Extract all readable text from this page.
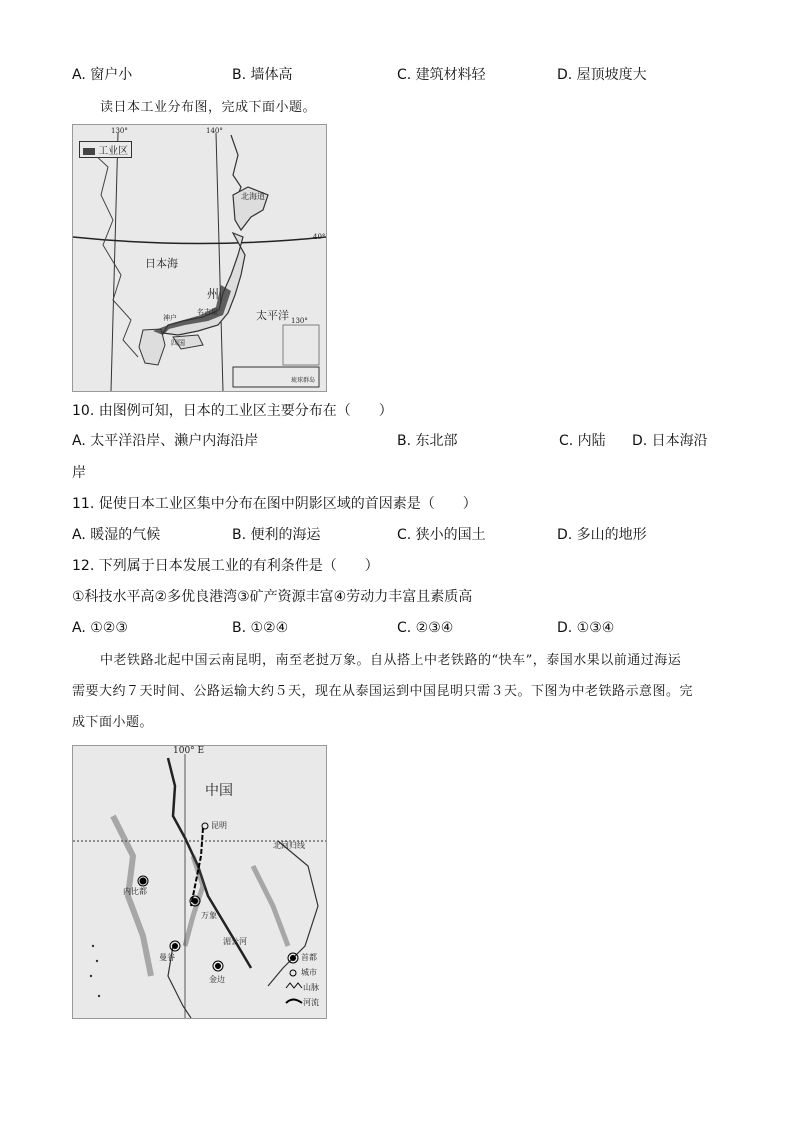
A. 窗户小	B. 墙体高	C. 建筑材料轻	D. 屋顶坡度大
读日本工业分布图，完成下面小题。
工业区
130°	140°
40°
北海道
日本海
太平洋
州
名古屋
神户
四国
130°
琉球群岛
10. 由图例可知，日本的工业区主要分布在（　　）
A. 太平洋沿岸、濑户内海沿岸	B. 东北部	C. 内陆 D. 日本海沿
岸
11. 促使日本工业区集中分布在图中阴影区域的首因素是（　　）
A. 暖湿的气候	B. 便利的海运	C. 狭小的国土	D. 多山的地形
12. 下列属于日本发展工业的有利条件是（　　）
①科技水平高②多优良港湾③矿产资源丰富④劳动力丰富且素质高
A. ①②③	B. ①②④	C. ②③④	D. ①③④
中老铁路北起中国云南昆明，南至老挝万象。自从搭上中老铁路的“快车”，泰国水果以前通过海运
需要大约７天时间、公路运输大约５天，现在从泰国运到中国昆明只需３天。下图为中老铁路示意图。完
成下面小题。
100° E
中国
昆明
北回归线
内比都
万象
曼谷
金边
湄公河
首都
城市
山脉
河流
